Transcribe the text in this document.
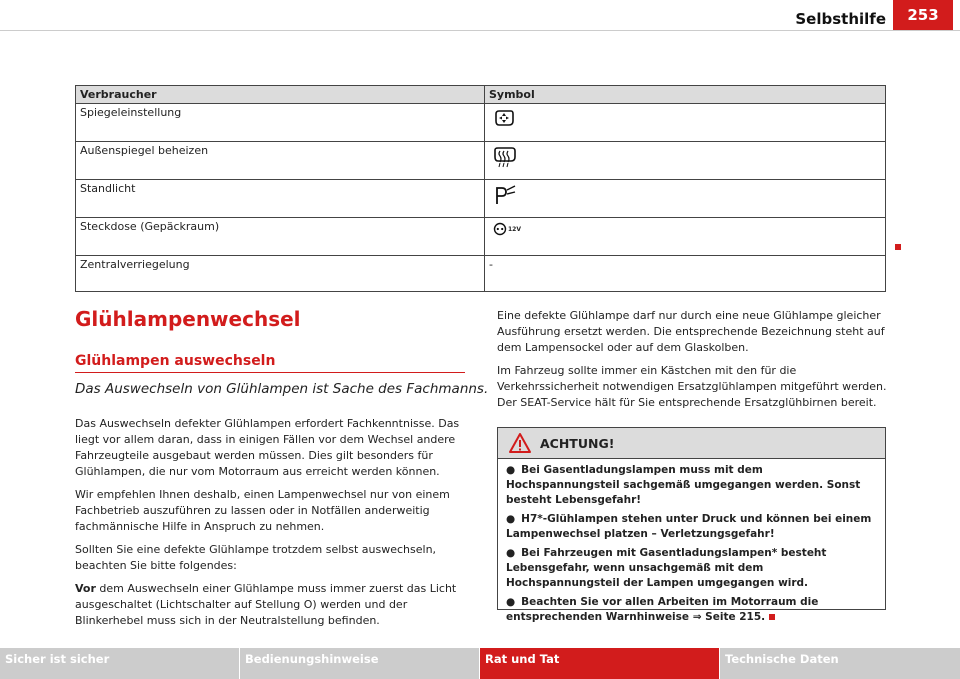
Selbsthilfe	253
Verbraucher	Symbol
Spiegeleinstellung	
Außenspiegel beheizen	
Standlicht	
Steckdose (Gepäckraum)	12V

Zentralverriegelung	-
Glühlampenwechsel
Glühlampen auswechseln
Das Auswechseln von Glühlampen ist Sache des Fachmanns.

Das Auswechseln defekter Glühlampen erfordert Fachkenntnisse. Das liegt vor allem daran, dass in einigen Fällen vor dem Wechsel andere Fahrzeugteile ausgebaut werden müssen. Dies gilt besonders für Glühlampen, die nur vom Motorraum aus erreicht werden können.

Wir empfehlen Ihnen deshalb, einen Lampenwechsel nur von einem Fachbetrieb auszuführen zu lassen oder in Notfällen anderweitig fachmännische Hilfe in Anspruch zu nehmen.

Sollten Sie eine defekte Glühlampe trotzdem selbst auswechseln, beachten Sie bitte folgendes:

Vor dem Auswechseln einer Glühlampe muss immer zuerst das Licht ausgeschaltet (Lichtschalter auf Stellung O) werden und der Blinkerhebel muss sich in der Neutralstellung befinden.

Eine defekte Glühlampe darf nur durch eine neue Glühlampe gleicher Ausführung ersetzt werden. Die entsprechende Bezeichnung steht auf dem Lampensockel oder auf dem Glaskolben.

Im Fahrzeug sollte immer ein Kästchen mit den für die Verkehrssicherheit notwendigen Ersatzglühlampen mitgeführt werden. Der SEAT-Service hält für Sie entsprechende Ersatzglühbirnen bereit.

ACHTUNG!
● Bei Gasentladungslampen muss mit dem Hochspannungsteil sachgemäß umgegangen werden. Sonst besteht Lebensgefahr!
● H7*-Glühlampen stehen unter Druck und können bei einem Lampenwechsel platzen – Verletzungsgefahr!
● Bei Fahrzeugen mit Gasentladungslampen* besteht Lebensgefahr, wenn unsachgemäß mit dem Hochspannungsteil der Lampen umgegangen wird.
● Beachten Sie vor allen Arbeiten im Motorraum die entsprechenden Warnhinweise ⇒ Seite 215.
Sicher ist sicher	Bedienungshinweise	Rat und Tat	Technische Daten
